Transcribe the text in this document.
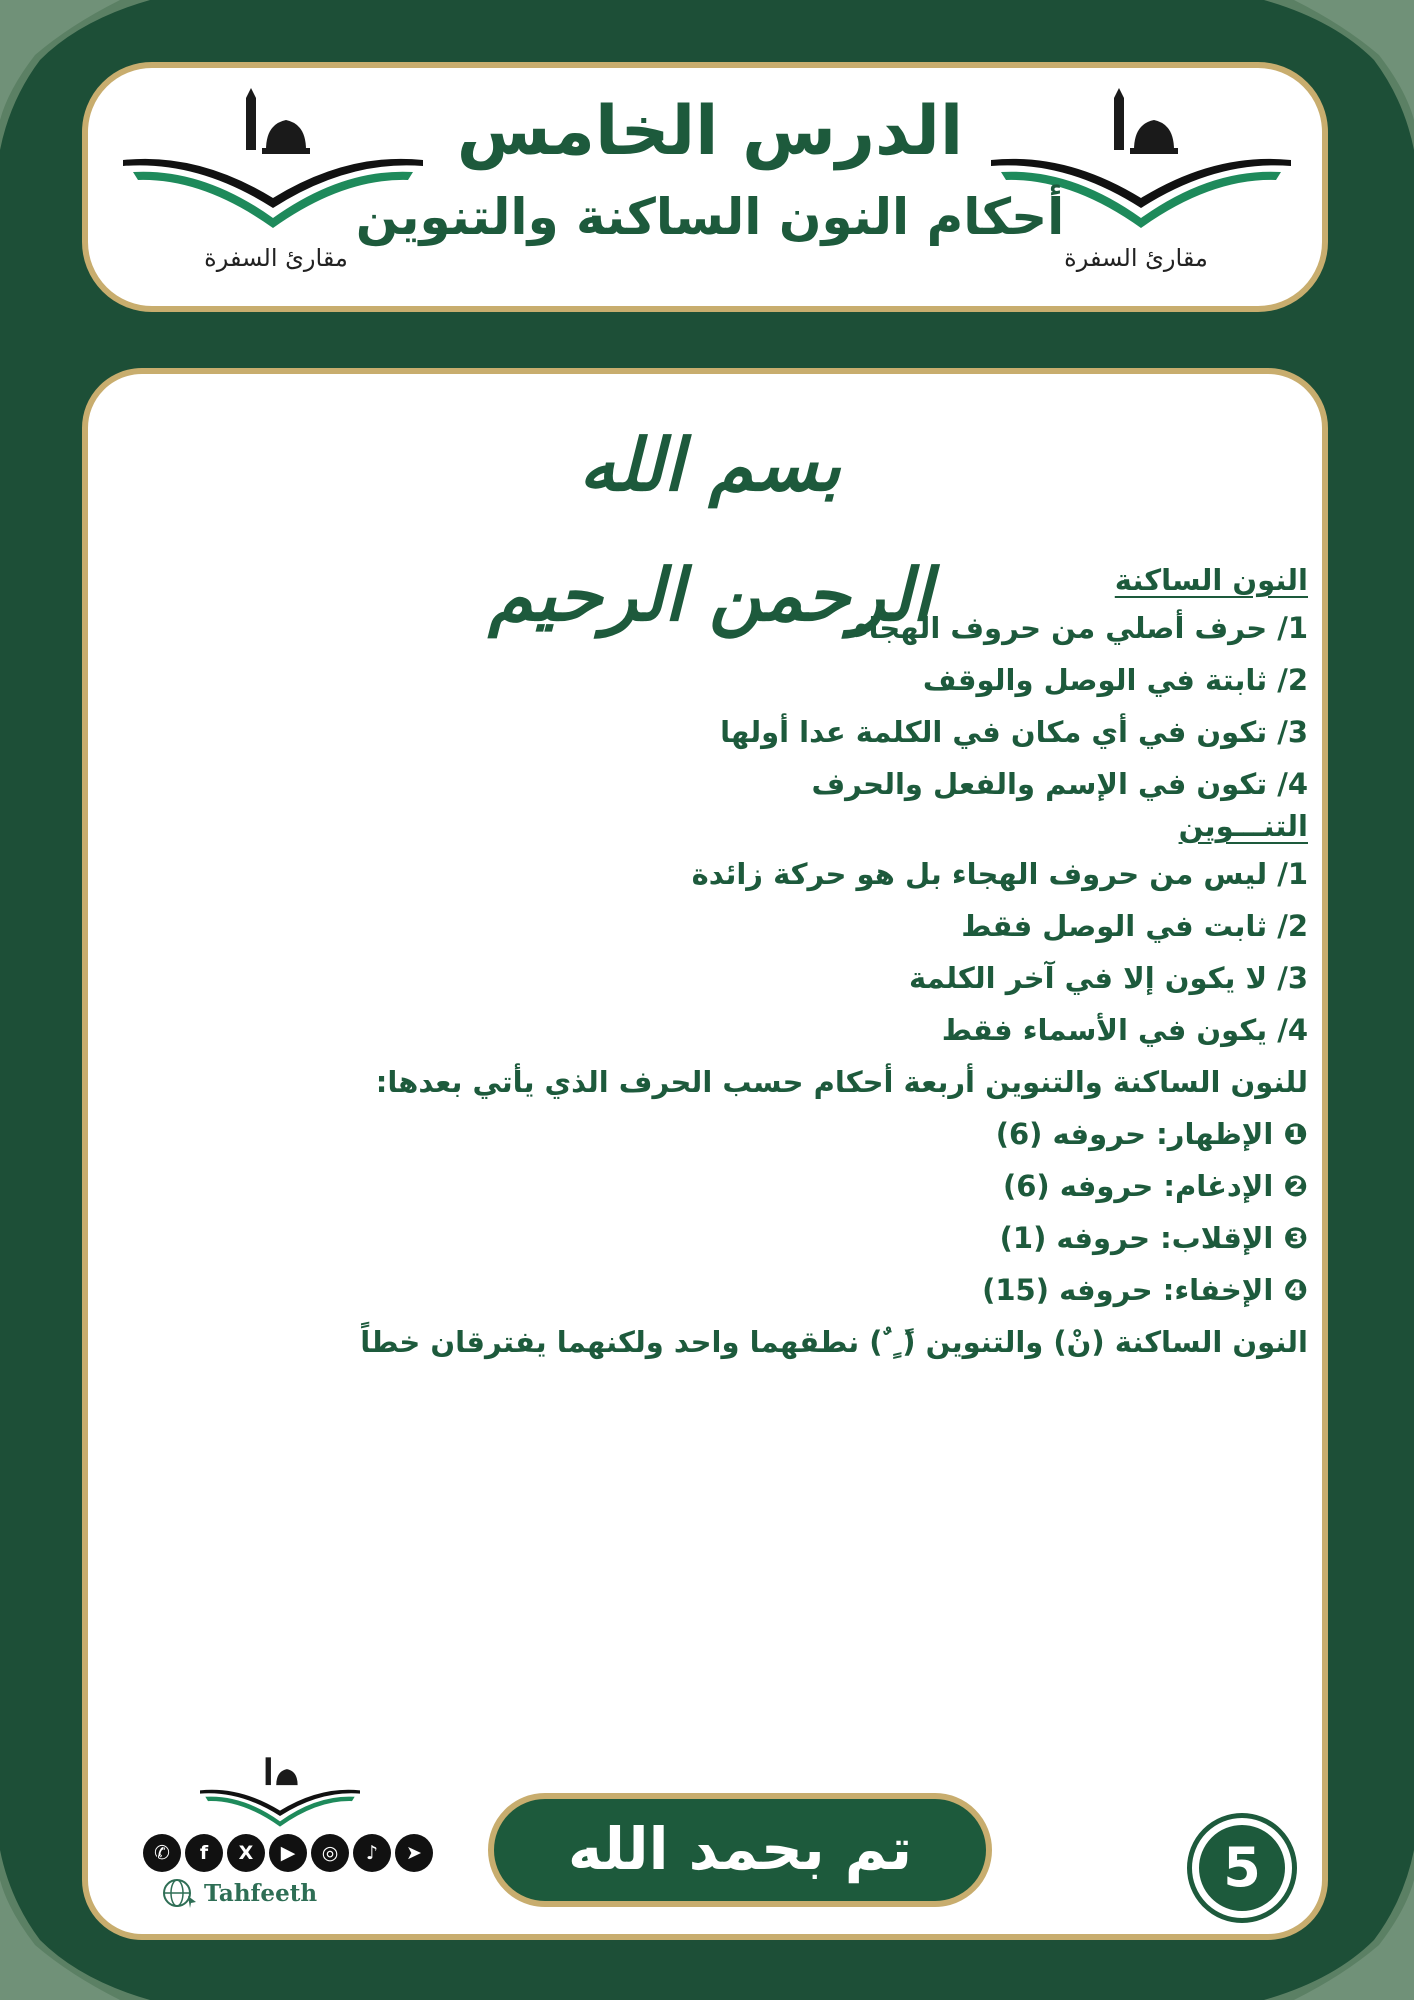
مقارئ السفرة	مقارئ السفرة
الدرس الخامس
أحكام النون الساكنة والتنوين
بسم الله الرحمن الرحيم	النون الساكنة
1/ حرف أصلي من حروف الهجاء
2/ ثابتة في الوصل والوقف
3/ تكون في أي مكان في الكلمة عدا أولها
4/ تكون في الإسم والفعل والحرف
التنـــوين
1/ ليس من حروف الهجاء بل هو حركة زائدة
2/ ثابت في الوصل فقط
3/ لا يكون إلا في آخر الكلمة
4/ يكون في الأسماء فقط
للنون الساكنة والتنوين أربعة أحكام حسب الحرف الذي يأتي بعدها:
❶ الإظهار: حروفه (6)
❷ الإدغام: حروفه (6)
❸ الإقلاب: حروفه (1)
❹ الإخفاء: حروفه (15)
النون الساكنة (نْ) والتنوين (ً ٍ ٌ) نطقهما واحد ولكنهما يفترقان خطاً
✆	f	X	▶	◎	♪	➤
Tahfeeth
تم بحمد الله	5
